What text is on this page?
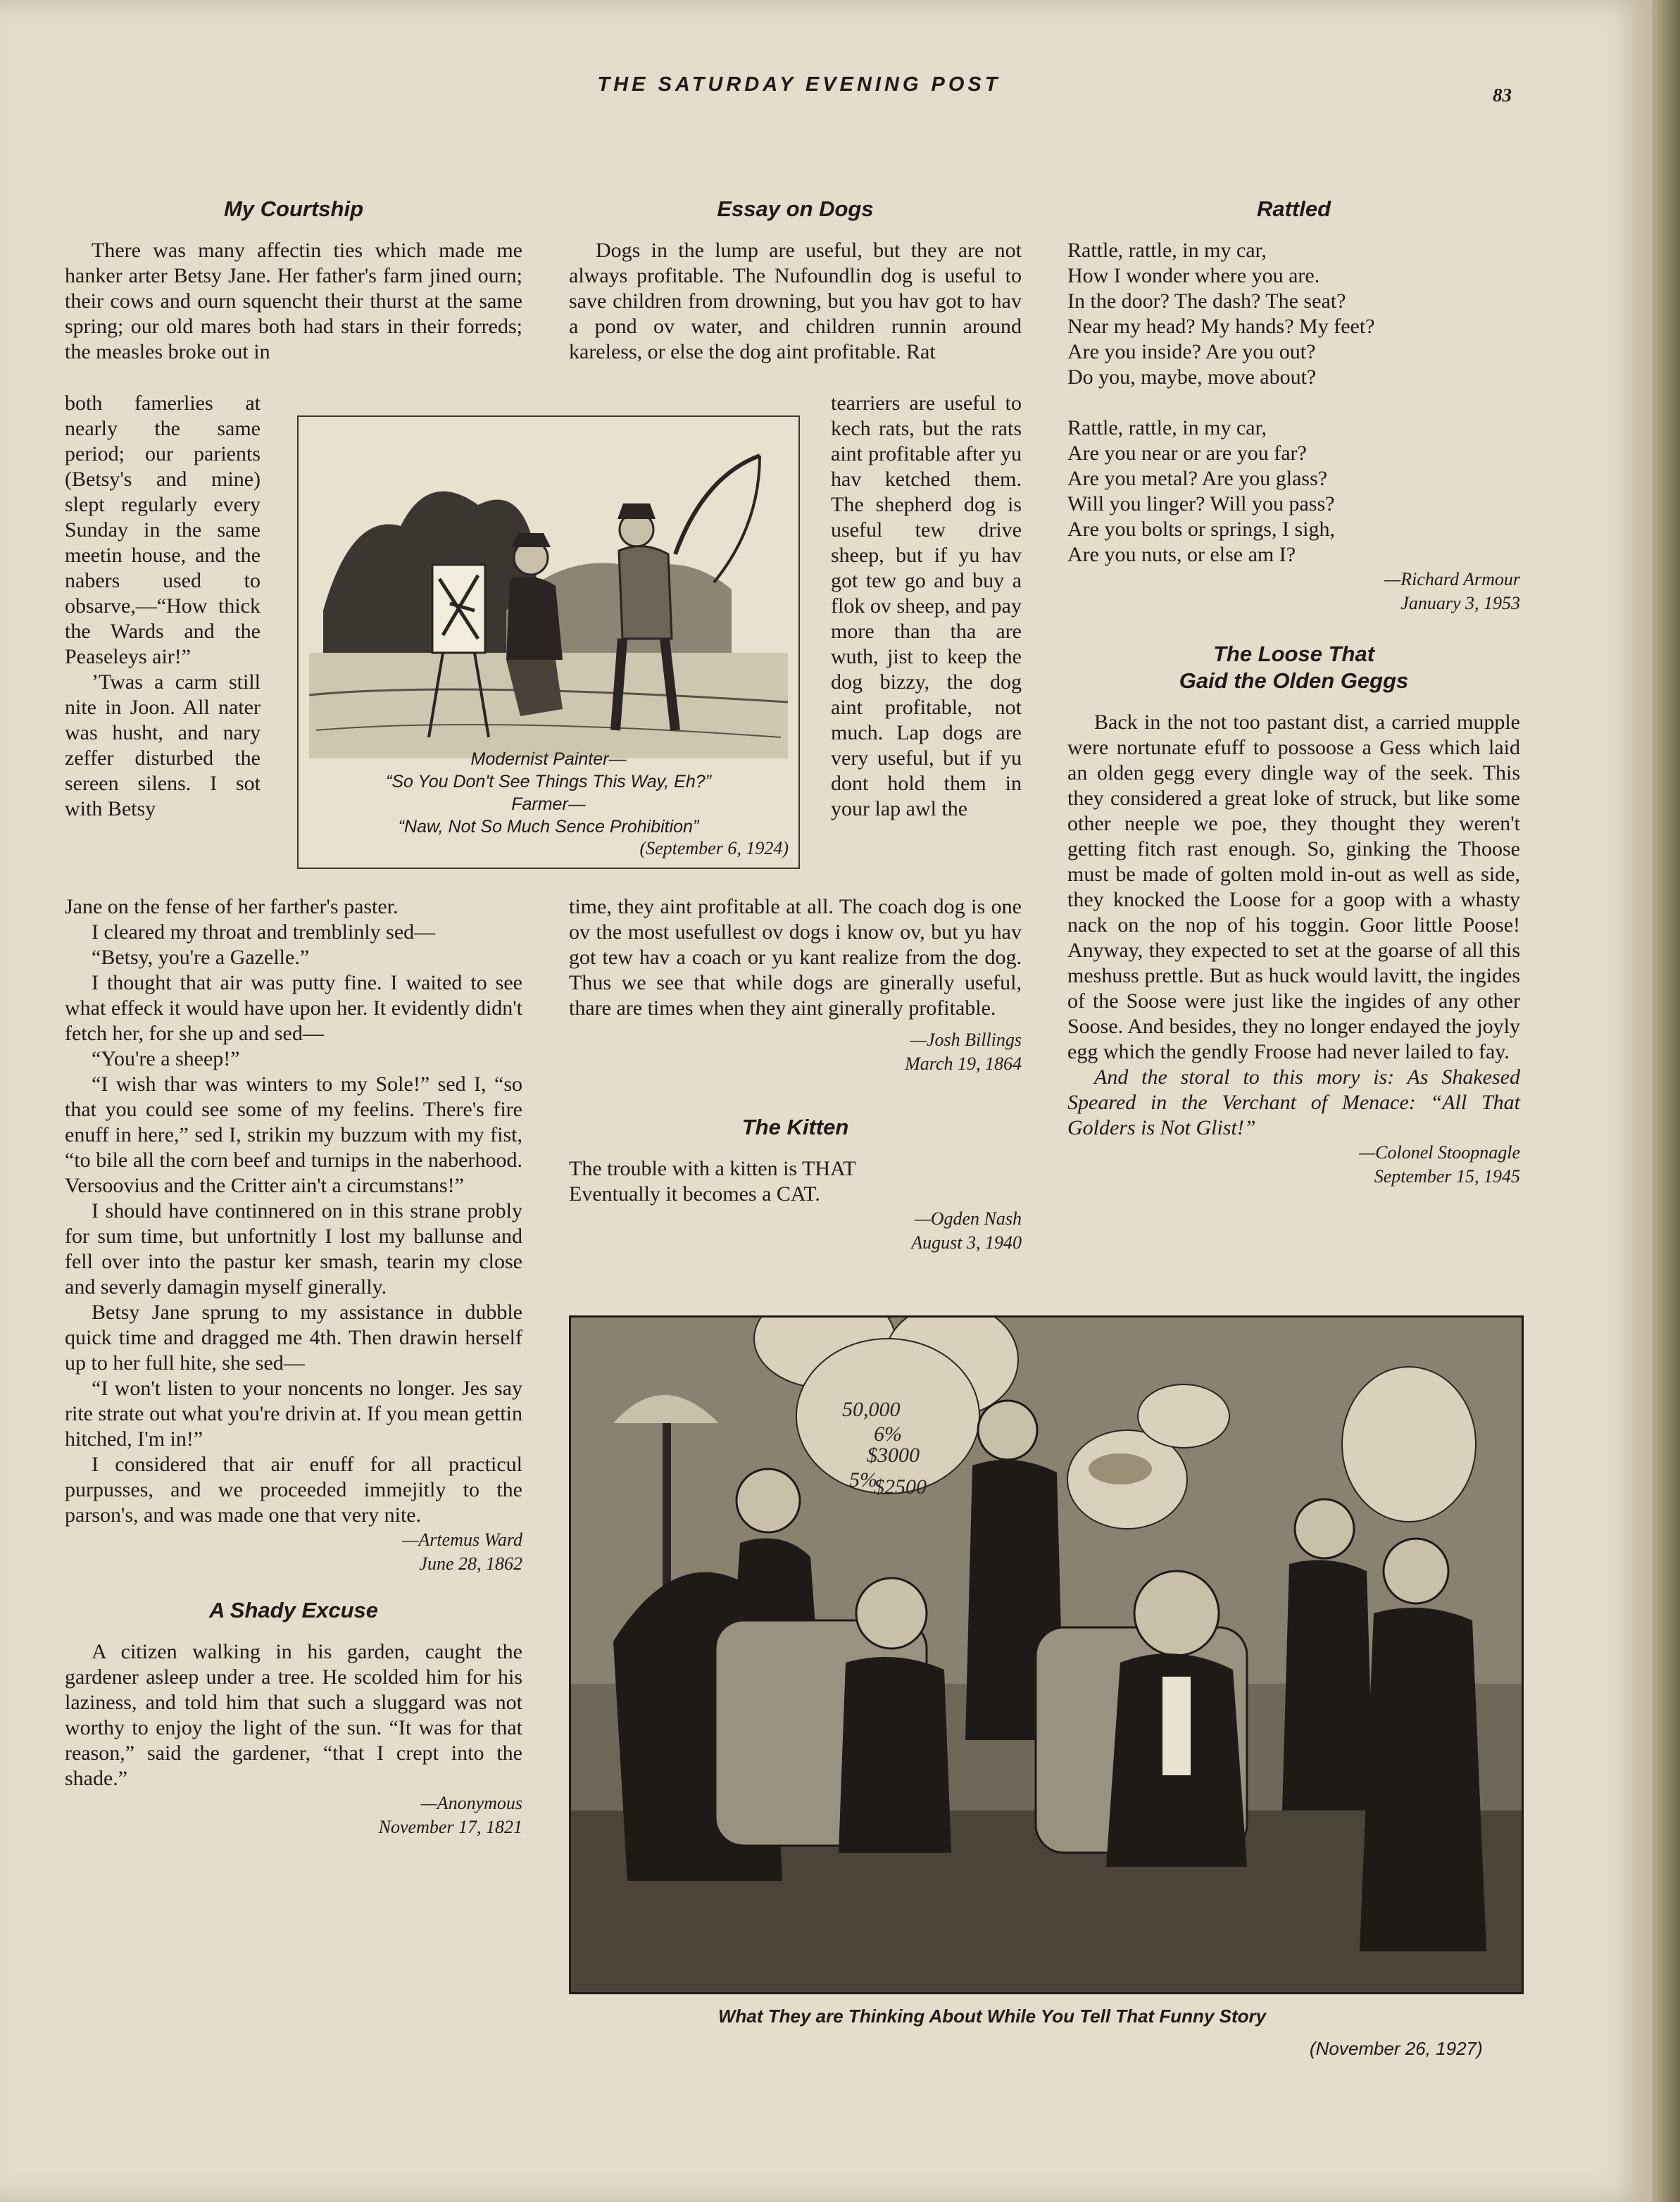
THE SATURDAY EVENING POST	83
My Courtship

There was many affectin ties which made me hanker arter Betsy Jane. Her father's farm jined ourn; their cows and ourn squencht their thurst at the same spring; our old mares both had stars in their forreds; the measles broke out in

both famerlies at nearly the same period; our parients (Betsy's and mine) slept regularly every Sunday in the same meetin house, and the nabers used to obsarve,—“How thick the Wards and the Peaseleys air!”

’Twas a carm still nite in Joon. All nater was husht, and nary zeffer disturbed the sereen silens. I sot with Betsy

Jane on the fense of her farther's paster.

I cleared my throat and tremblinly sed—

“Betsy, you're a Gazelle.”

I thought that air was putty fine. I waited to see what effeck it would have upon her. It evidently didn't fetch her, for she up and sed—

“You're a sheep!”

“I wish thar was winters to my Sole!” sed I, “so that you could see some of my feelins. There's fire enuff in here,” sed I, strikin my buzzum with my fist, “to bile all the corn beef and turnips in the naberhood. Versoovius and the Critter ain't a circumstans!”

I should have continnered on in this strane probly for sum time, but unfortnitly I lost my ballunse and fell over into the pastur ker smash, tearin my close and severly damagin myself ginerally.

Betsy Jane sprung to my assistance in dubble quick time and dragged me 4th. Then drawin herself up to her full hite, she sed—

“I won't listen to your noncents no longer. Jes say rite strate out what you're drivin at. If you mean gettin hitched, I'm in!”

I considered that air enuff for all practicul purpusses, and we proceeded immejitly to the parson's, and was made one that very nite.

—Artemus Ward
June 28, 1862
A Shady Excuse

A citizen walking in his garden, caught the gardener asleep under a tree. He scolded him for his laziness, and told him that such a sluggard was not worthy to enjoy the light of the sun. “It was for that reason,” said the gardener, “that I crept into the shade.”

—Anonymous
November 17, 1821
Modernist Painter—
“So You Don't See Things This Way, Eh?”
Farmer—
“Naw, Not So Much Sence Prohibition”
(September 6, 1924)
Essay on Dogs

Dogs in the lump are useful, but they are not always profitable. The Nufoundlin dog is useful to save children from drowning, but you hav got to hav a pond ov water, and children runnin around kareless, or else the dog aint profitable. Rat

tearriers are useful to kech rats, but the rats aint profitable after yu hav ketched them. The shepherd dog is useful tew drive sheep, but if yu hav got tew go and buy a flok ov sheep, and pay more than tha are wuth, jist to keep the dog bizzy, the dog aint profitable, not much. Lap dogs are very useful, but if yu dont hold them in your lap awl the

time, they aint profitable at all. The coach dog is one ov the most usefullest ov dogs i know ov, but yu hav got tew hav a coach or yu kant realize from the dog. Thus we see that while dogs are ginerally useful, thare are times when they aint ginerally profitable.

—Josh Billings
March 19, 1864
The Kitten
The trouble with a kitten is THAT
Eventually it becomes a CAT.
—Ogden Nash
August 3, 1940
Rattled
Rattle, rattle, in my car,
How I wonder where you are.
In the door? The dash? The seat?
Near my head? My hands? My feet?
Are you inside? Are you out?
Do you, maybe, move about?
Rattle, rattle, in my car,
Are you near or are you far?
Are you metal? Are you glass?
Will you linger? Will you pass?
Are you bolts or springs, I sigh,
Are you nuts, or else am I?
—Richard Armour
January 3, 1953
The Loose That
Gaid the Olden Geggs

Back in the not too pastant dist, a carried mupple were nortunate efuff to possoose a Gess which laid an olden gegg every dingle way of the seek. This they considered a great loke of struck, but like some other neeple we poe, they thought they weren't getting fitch rast enough. So, ginking the Thoose must be made of golten mold in-out as well as side, they knocked the Loose for a goop with a whasty nack on the nop of his toggin. Goor little Poose! Anyway, they expected to set at the goarse of all this meshuss prettle. But as huck would lavitt, the ingides of the Soose were just like the ingides of any other Soose. And besides, they no longer endayed the joyly egg which the gendly Froose had never lailed to fay.

And the storal to this mory is: As Shakesed Speared in the Verchant of Menace: “All That Golders is Not Glist!”

—Colonel Stoopnagle
September 15, 1945
50,000 6% $3000 5% $2500
What They are Thinking About While You Tell That Funny Story
(November 26, 1927)
